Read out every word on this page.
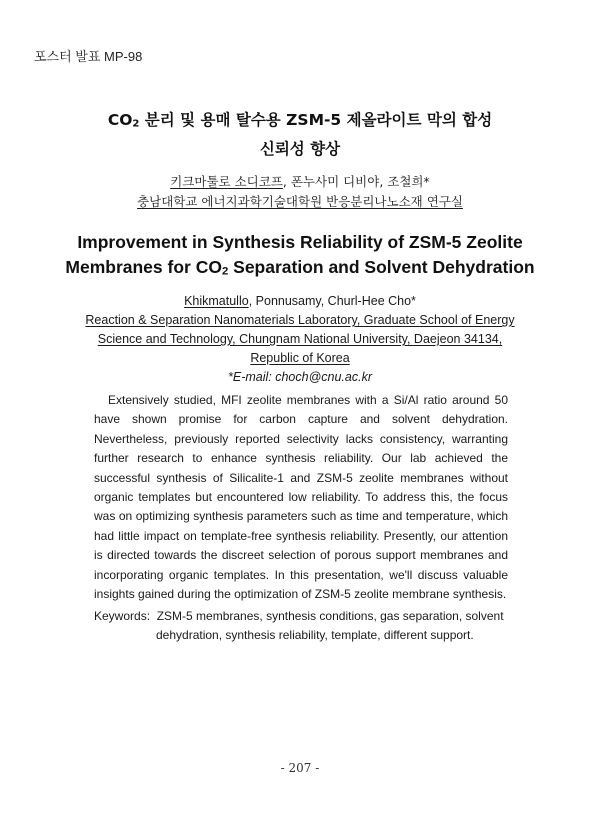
포스터 발표 MP-98
$CO_2$ 분리 및 용매 탈수용 ZSM-5 제올라이트 막의 합성
신뢰성 향상
키크마툴로 소디코프, 폰누사미 디비야, 조철희*
충남대학교 에너지과학기술대학원 반응분리나노소재 연구실
Improvement in Synthesis Reliability of ZSM-5 Zeolite
Membranes for $CO_2$ Separation and Solvent Dehydration
Khikmatullo, Ponnusamy, Churl-Hee Cho*
Reaction & Separation Nanomaterials Laboratory, Graduate School of Energy
Science and Technology, Chungnam National University, Daejeon 34134,
Republic of Korea
*E-mail: choch@cnu.ac.kr

Extensively studied, MFI zeolite membranes with a Si/Al ratio around 50 have shown promise for carbon capture and solvent dehydration. Nevertheless, previously reported selectivity lacks consistency, warranting further research to enhance synthesis reliability. Our lab achieved the successful synthesis of Silicalite-1 and ZSM-5 zeolite membranes without organic templates but encountered low reliability. To address this, the focus was on optimizing synthesis parameters such as time and temperature, which had little impact on template-free synthesis reliability. Presently, our attention is directed towards the discreet selection of porous support membranes and incorporating organic templates. In this presentation, we'll discuss valuable insights gained during the optimization of ZSM-5 zeolite membrane synthesis.

Keywords: ZSM-5 membranes, synthesis conditions, gas separation, solvent dehydration, synthesis reliability, template, different support.
- 207 -
